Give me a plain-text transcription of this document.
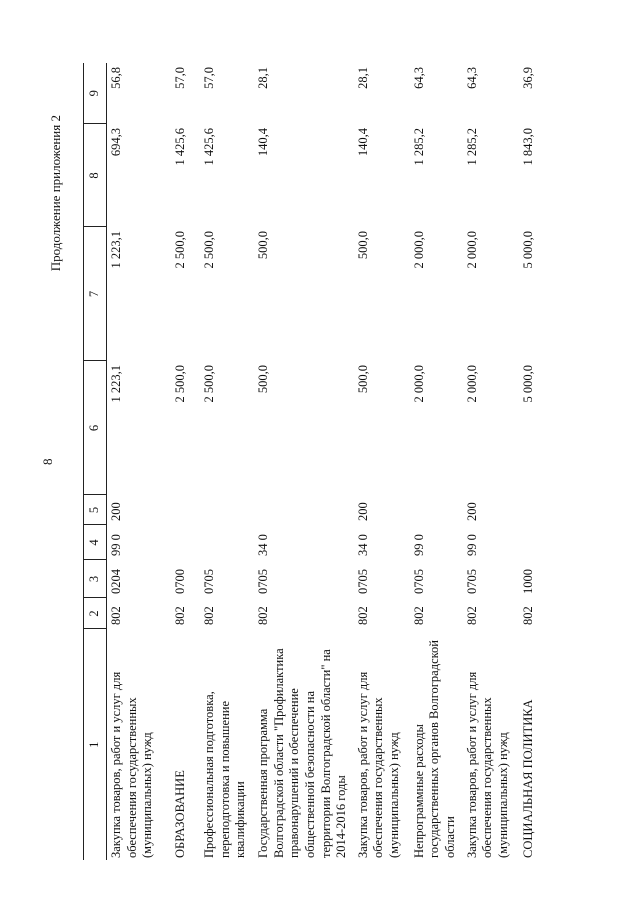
8
Продолжение приложения 2
1	2	3	4	5	6	7	8	9
Закупка товаров, работ и услуг для обеспечения государственных (муниципальных) нужд	802	0204	99 0	200	1 223,1	1 223,1	694,3	56,8
ОБРАЗОВАНИЕ	802	0700			2 500,0	2 500,0	1 425,6	57,0
Профессиональная подготовка, переподготовка и повышение квалификации	802	0705			2 500,0	2 500,0	1 425,6	57,0
Государственная программа Волгоградской области "Профилактика правонарушений и обеспечение общественной безопасности на территории Волгоградской области" на 2014-2016 годы	802	0705	34 0		500,0	500,0	140,4	28,1
Закупка товаров, работ и услуг для обеспечения государственных (муниципальных) нужд	802	0705	34 0	200	500,0	500,0	140,4	28,1
Непрограммные расходы государственных органов Волгоградской области	802	0705	99 0		2 000,0	2 000,0	1 285,2	64,3
Закупка товаров, работ и услуг для обеспечения государственных (муниципальных) нужд	802	0705	99 0	200	2 000,0	2 000,0	1 285,2	64,3
СОЦИАЛЬНАЯ ПОЛИТИКА	802	1000			5 000,0	5 000,0	1 843,0	36,9
